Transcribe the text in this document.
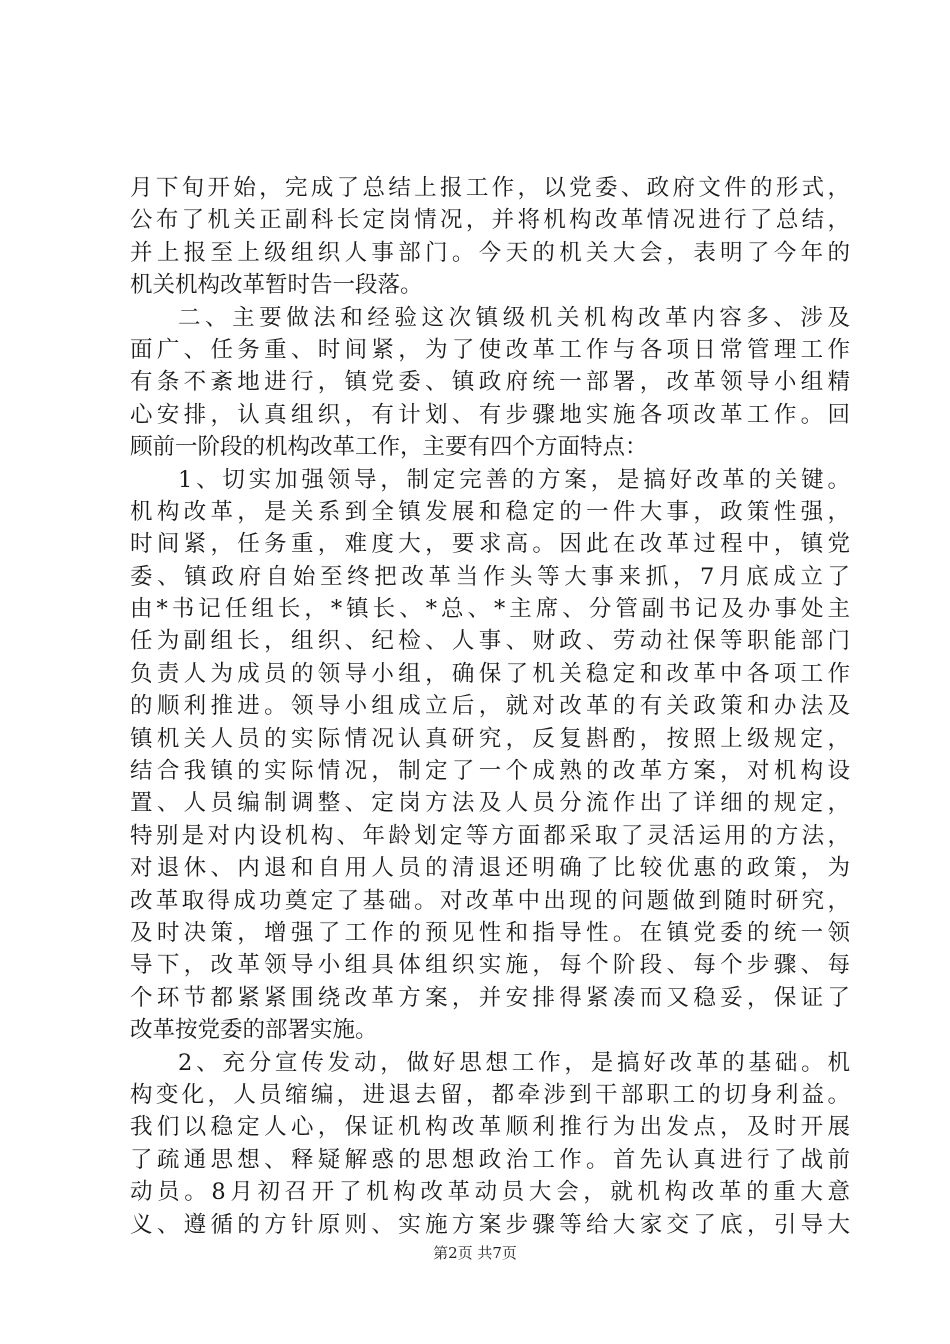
月下旬开始，完成了总结上报工作，以党委、政府文件的形式，
公布了机关正副科长定岗情况，并将机构改革情况进行了总结，
并上报至上级组织人事部门。今天的机关大会，表明了今年的
机关机构改革暂时告一段落。
二、主要做法和经验这次镇级机关机构改革内容多、涉及
面广、任务重、时间紧，为了使改革工作与各项日常管理工作
有条不紊地进行，镇党委、镇政府统一部署，改革领导小组精
心安排，认真组织，有计划、有步骤地实施各项改革工作。回
顾前一阶段的机构改革工作，主要有四个方面特点：
1、切实加强领导，制定完善的方案，是搞好改革的关键。
机构改革，是关系到全镇发展和稳定的一件大事，政策性强，
时间紧，任务重，难度大，要求高。因此在改革过程中，镇党
委、镇政府自始至终把改革当作头等大事来抓，7月底成立了
由*书记任组长，*镇长、*总、*主席、分管副书记及办事处主
任为副组长，组织、纪检、人事、财政、劳动社保等职能部门
负责人为成员的领导小组，确保了机关稳定和改革中各项工作
的顺利推进。领导小组成立后，就对改革的有关政策和办法及
镇机关人员的实际情况认真研究，反复斟酌，按照上级规定，
结合我镇的实际情况，制定了一个成熟的改革方案，对机构设
置、人员编制调整、定岗方法及人员分流作出了详细的规定，
特别是对内设机构、年龄划定等方面都采取了灵活运用的方法，
对退休、内退和自用人员的清退还明确了比较优惠的政策，为
改革取得成功奠定了基础。对改革中出现的问题做到随时研究，
及时决策，增强了工作的预见性和指导性。在镇党委的统一领
导下，改革领导小组具体组织实施，每个阶段、每个步骤、每
个环节都紧紧围绕改革方案，并安排得紧凑而又稳妥，保证了
改革按党委的部署实施。
2、充分宣传发动，做好思想工作，是搞好改革的基础。机
构变化，人员缩编，进退去留，都牵涉到干部职工的切身利益。
我们以稳定人心，保证机构改革顺利推行为出发点，及时开展
了疏通思想、释疑解惑的思想政治工作。首先认真进行了战前
动员。8月初召开了机构改革动员大会，就机构改革的重大意
义、遵循的方针原则、实施方案步骤等给大家交了底，引导大
第2页 共7页
